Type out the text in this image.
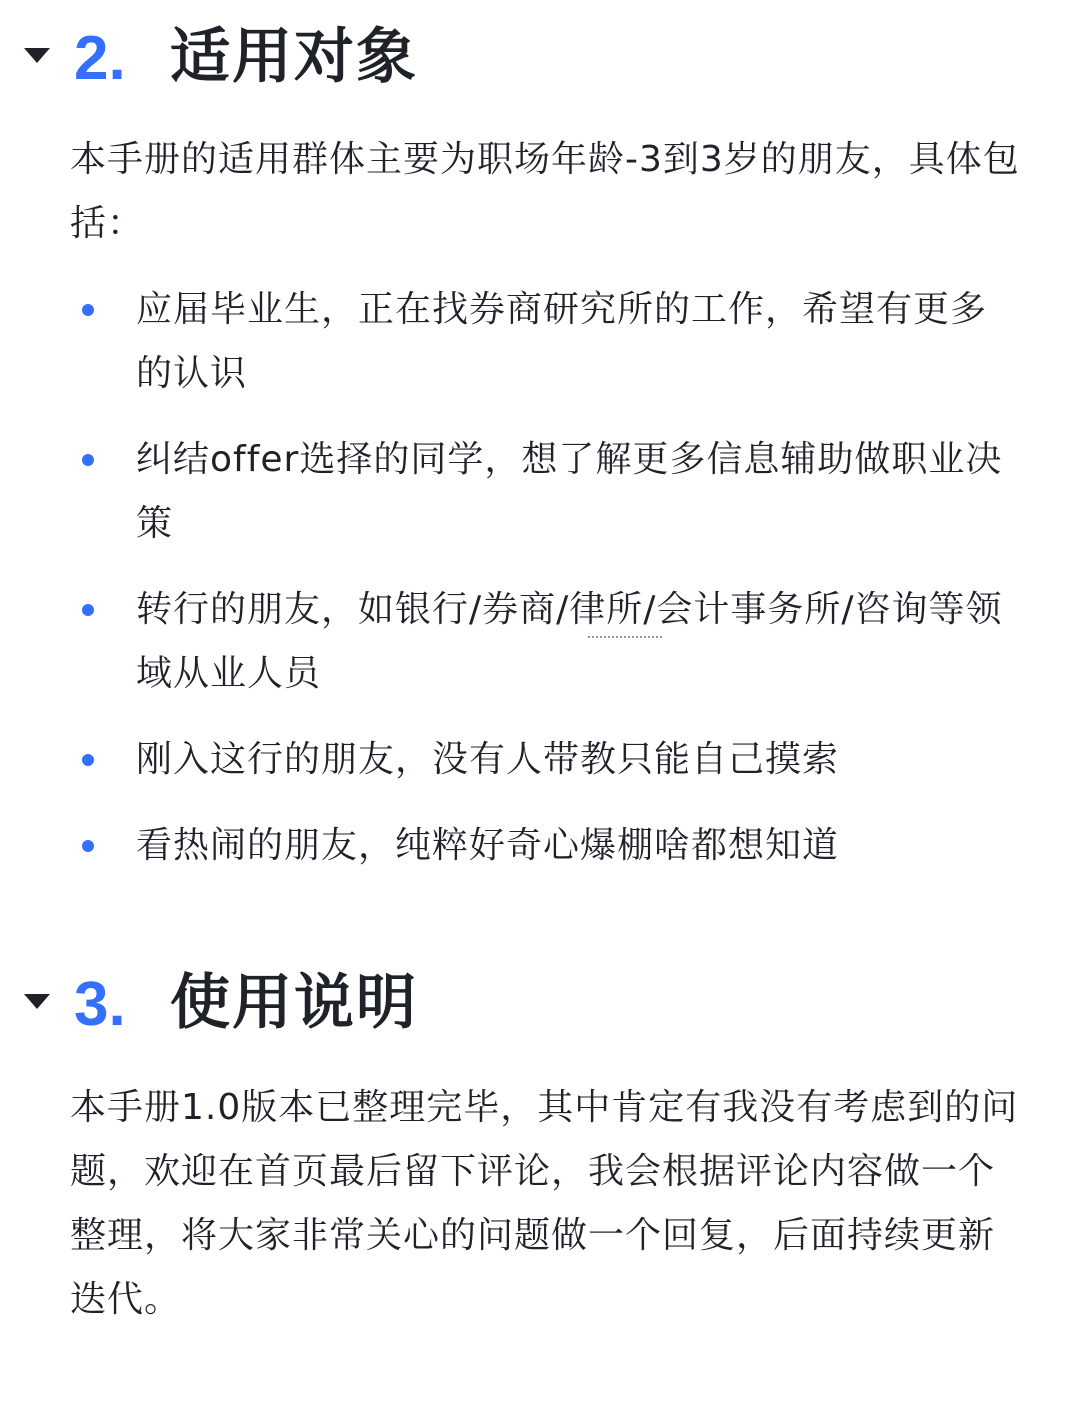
2. 适用对象
本手册的适用群体主要为职场年龄-3到3岁的朋友，具体包括：
应届毕业生，正在找券商研究所的工作，希望有更多的认识
纠结offer选择的同学，想了解更多信息辅助做职业决策
转行的朋友，如银行/券商/律所/会计事务所/咨询等领域从业人员
刚入这行的朋友，没有人带教只能自己摸索
看热闹的朋友，纯粹好奇心爆棚啥都想知道
3. 使用说明
本手册1.0版本已整理完毕，其中肯定有我没有考虑到的问题，欢迎在首页最后留下评论，我会根据评论内容做一个整理，将大家非常关心的问题做一个回复，后面持续更新迭代。
